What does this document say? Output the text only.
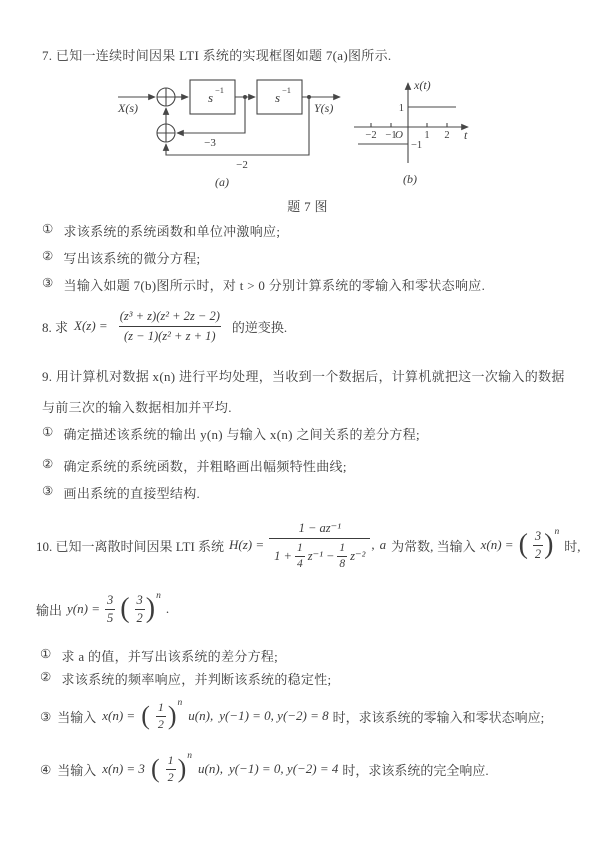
7. 已知一连续时间因果 LTI 系统的实现框图如题 7(a)图所示.
s −1	s −1
X(s)	Y(s)
−3
−2
(a)
x(t)
t
O
−2 −1	1 2
1
−1
(b)
题 7 图
① 求该系统的系统函数和单位冲激响应;
② 写出该系统的微分方程;
③ 当输入如题 7(b)图所示时，对 t > 0 分别计算系统的零输入和零状态响应.
8. 求 $X(z) = \frac{\text{(z³ + z)(z² + 2z − 2)}}{\text{(z − 1)(z² + z + 1)}}$ 的逆变换.
9. 用计算机对数据 x(n) 进行平均处理，当收到一个数据后，计算机就把这一次输入的数据
与前三次的输入数据相加并平均.
① 确定描述该系统的输出 y(n) 与输入 x(n) 之间关系的差分方程;
② 确定系统的系统函数，并粗略画出幅频特性曲线;
③ 画出系统的直接型结构.
10. 已知一离散时间因果 LTI 系统 H(z) =
1 − az⁻¹
$1 + \frac{1}{4} z^{-1} - \frac{1}{8} z^{-2}$
, a 为常数, 当输入 x(n) = ( $\frac{3}{2}$ ) n
时,
输出 $y(n) = \frac{3}{5}$ ( $\frac{3}{2}$ ) n
.
① 求 a 的值，并写出该系统的差分方程;
② 求该系统的频率响应，并判断该系统的稳定性;
③ 当输入 x(n) = ( $\frac{1}{2}$ ) n
u(n), y(−1) = 0, y(−2) = 8 时，求该系统的零输入和零状态响应;
④ 当输入 x(n) = 3 ( $\frac{1}{2}$ ) n
u(n), y(−1) = 0, y(−2) = 4 时，求该系统的完全响应.
